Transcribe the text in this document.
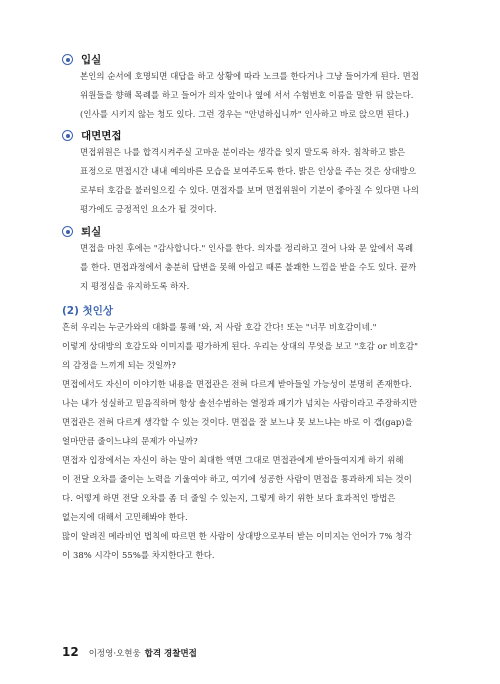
입실
본인의 순서에 호명되면 대답을 하고 상황에 따라 노크를 한다거나 그냥 들어가게 된다. 면접
위원들을 향해 목례를 하고 들어가 의자 앞이나 옆에 서서 수험번호 이름을 말한 뒤 앉는다.
(인사를 시키지 않는 청도 있다. 그런 경우는 "안녕하십니까" 인사하고 바로 앉으면 된다.)
대면면접
면접위원은 나를 합격시켜주실 고마운 분이라는 생각을 잊지 말도록 하자. 침착하고 밝은
표정으로 면접시간 내내 예의바른 모습을 보여주도록 한다. 밝은 인상을 주는 것은 상대방으
로부터 호감을 불러일으킬 수 있다. 면접자를 보며 면접위원이 기분이 좋아질 수 있다면 나의
평가에도 긍정적인 요소가 될 것이다.
퇴실
면접을 마친 후에는 "감사합니다." 인사를 한다. 의자를 정리하고 걸어 나와 문 앞에서 목례
를 한다. 면접과정에서 충분히 답변을 못해 아쉽고 때론 불쾌한 느낌을 받을 수도 있다. 끝까
지 평정심을 유지하도록 하자.
(2) 첫인상
흔히 우리는 누군가와의 대화를 통해 '와, 저 사람 호감 간다! 또는 "너무 비호감이네."
이렇게 상대방의 호감도와 이미지를 평가하게 된다. 우리는 상대의 무엇을 보고 "호감 or 비호감"
의 감정을 느끼게 되는 것일까?
면접에서도 자신이 이야기한 내용을 면접관은 전혀 다르게 받아들일 가능성이 분명히 존재한다.
나는 내가 성실하고 믿음직하며 항상 솔선수범하는 열정과 패기가 넘치는 사람이라고 주장하지만
면접관은 전혀 다르게 생각할 수 있는 것이다. 면접을 잘 보느냐 못 보느냐는 바로 이 갭(gap)을
얼마만큼 줄이느냐의 문제가 아닐까?
면접자 입장에서는 자신이 하는 말이 최대한 액면 그대로 면접관에게 받아들여지게 하기 위해
이 전달 오차를 줄이는 노력을 기울여야 하고, 여기에 성공한 사람이 면접을 통과하게 되는 것이
다. 어떻게 하면 전달 오차를 좀 더 줄일 수 있는지, 그렇게 하기 위한 보다 효과적인 방법은
없는지에 대해서 고민해봐야 한다.
많이 알려진 메라비언 법칙에 따르면 한 사람이 상대방으로부터 받는 이미지는 언어가 7% 청각
이 38% 시각이 55%를 차지한다고 한다.
12 이정영·오현웅 합격 경찰면접
